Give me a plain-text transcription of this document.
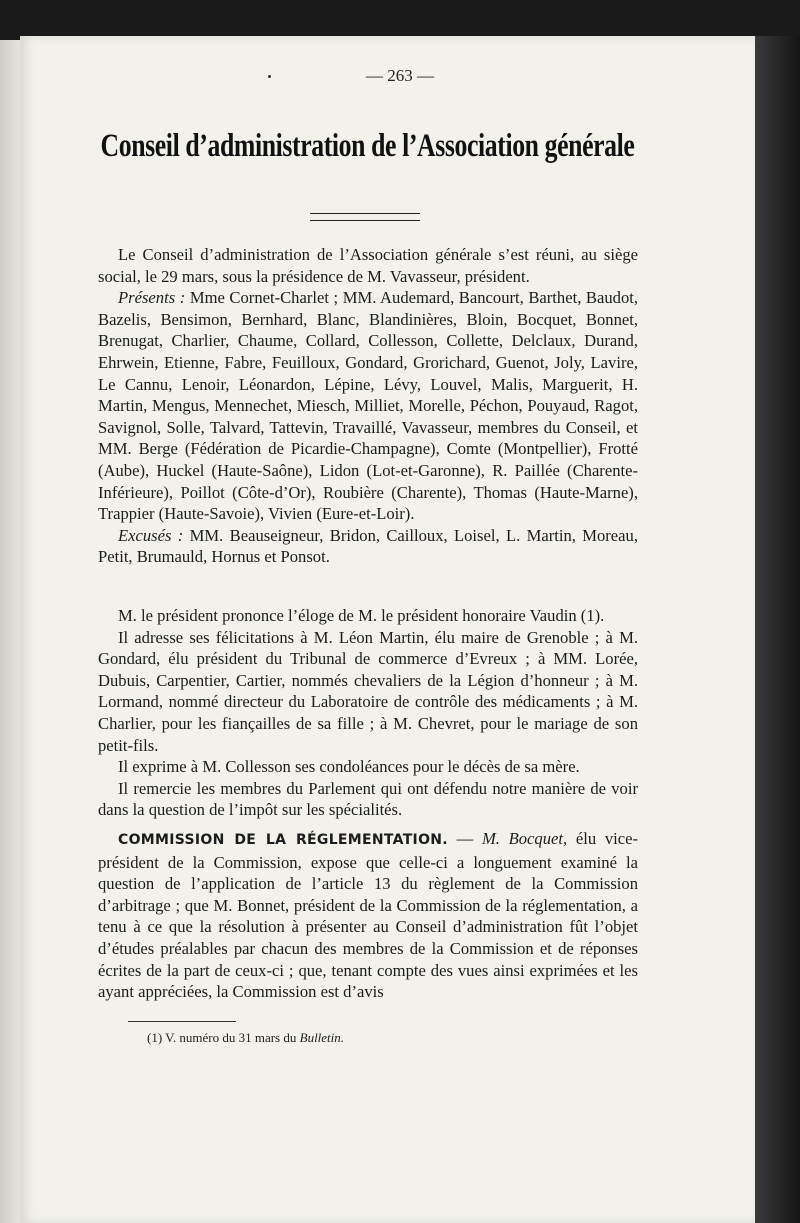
— 263 —
Conseil d’administration de l’Association générale

Le Conseil d’administration de l’Association générale s’est réuni, au siège social, le 29 mars, sous la présidence de M. Vavasseur, président.

Présents : Mme Cornet-Charlet ; MM. Audemard, Bancourt, Barthet, Baudot, Bazelis, Bensimon, Bernhard, Blanc, Blandinières, Bloin, Bocquet, Bonnet, Brenugat, Charlier, Chaume, Collard, Collesson, Collette, Delclaux, Durand, Ehrwein, Etienne, Fabre, Feuilloux, Gondard, Grorichard, Guenot, Joly, Lavire, Le Cannu, Lenoir, Léonardon, Lépine, Lévy, Louvel, Malis, Marguerit, H. Martin, Mengus, Mennechet, Miesch, Milliet, Morelle, Péchon, Pouyaud, Ragot, Savignol, Solle, Talvard, Tattevin, Travaillé, Vavasseur, membres du Conseil, et MM. Berge (Fédération de Picardie-Champagne), Comte (Montpellier), Frotté (Aube), Huckel (Haute-Saône), Lidon (Lot-et-Garonne), R. Paillée (Charente-Inférieure), Poillot (Côte-d’Or), Roubière (Charente), Thomas (Haute-Marne), Trappier (Haute-Savoie), Vivien (Eure-et-Loir).

Excusés : MM. Beauseigneur, Bridon, Cailloux, Loisel, L. Martin, Moreau, Petit, Brumauld, Hornus et Ponsot.

M. le président prononce l’éloge de M. le président honoraire Vaudin (1).

Il adresse ses félicitations à M. Léon Martin, élu maire de Grenoble ; à M. Gondard, élu président du Tribunal de commerce d’Evreux ; à MM. Lorée, Dubuis, Carpentier, Cartier, nommés chevaliers de la Légion d’honneur ; à M. Lormand, nommé directeur du Laboratoire de contrôle des médicaments ; à M. Charlier, pour les fiançailles de sa fille ; à M. Chevret, pour le mariage de son petit-fils.

Il exprime à M. Collesson ses condoléances pour le décès de sa mère.

Il remercie les membres du Parlement qui ont défendu notre manière de voir dans la question de l’impôt sur les spécialités.

COMMISSION DE LA RÉGLEMENTATION. — M. Bocquet, élu vice-président de la Commission, expose que celle-ci a longuement examiné la question de l’application de l’article 13 du règlement de la Commission d’arbitrage ; que M. Bonnet, président de la Commission de la réglementation, a tenu à ce que la résolution à présenter au Conseil d’administration fût l’objet d’études préalables par chacun des membres de la Commission et de réponses écrites de la part de ceux-ci ; que, tenant compte des vues ainsi exprimées et les ayant appréciées, la Commission est d’avis

(1) V. numéro du 31 mars du Bulletin.
